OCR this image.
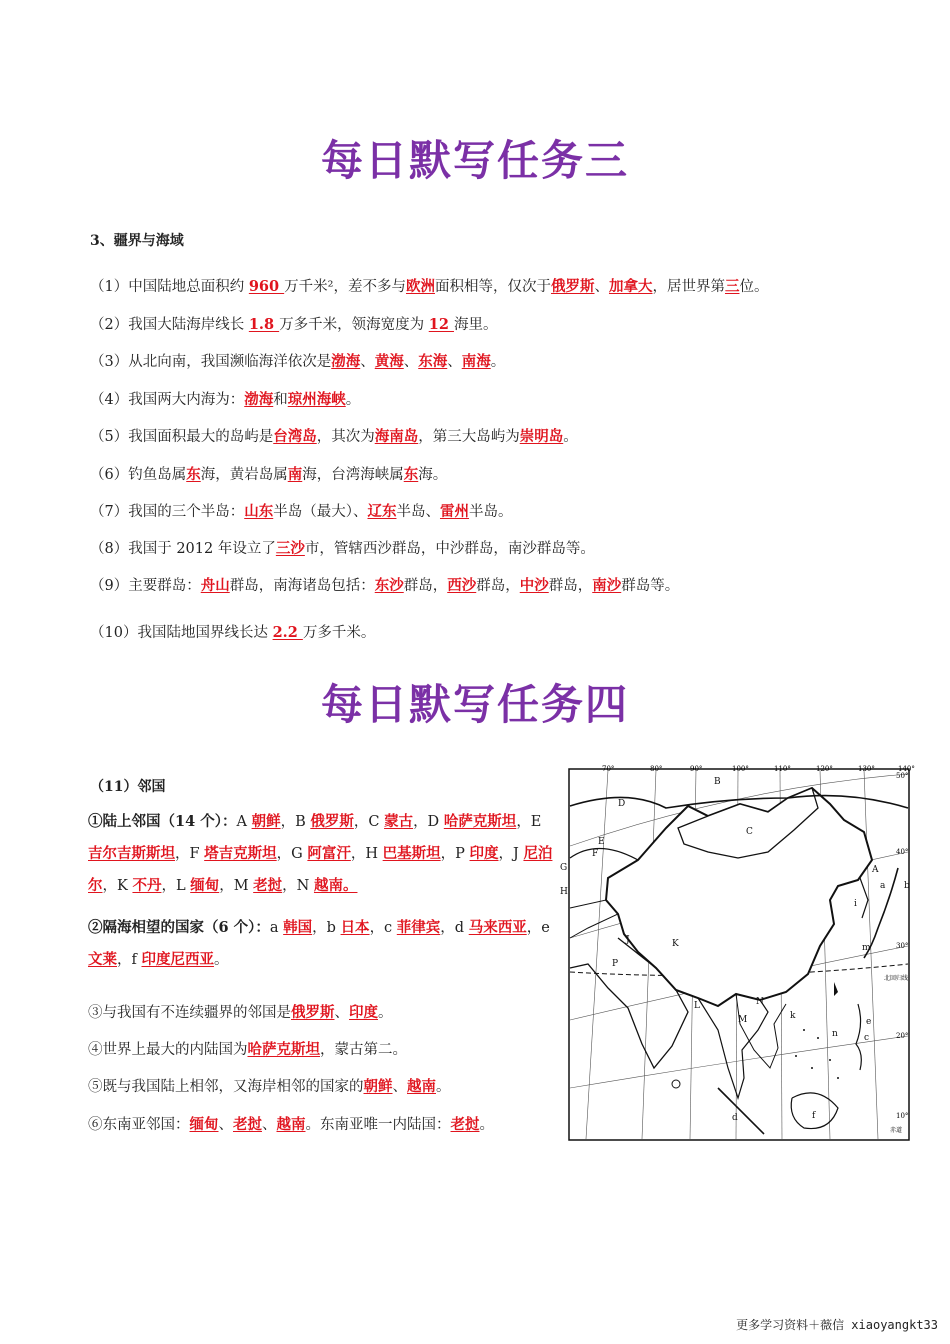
每日默写任务三
3、疆界与海域
（1）中国陆地总面积约 960 万千米²，差不多与欧洲面积相等，仅次于俄罗斯、加拿大，居世界第三位。
（2）我国大陆海岸线长 1.8 万多千米，领海宽度为 12 海里。
（3）从北向南，我国濒临海洋依次是渤海、黄海、东海、南海。
（4）我国两大内海为：渤海和琼州海峡。
（5）我国面积最大的岛屿是台湾岛，其次为海南岛，第三大岛屿为崇明岛。
（6）钓鱼岛属东海，黄岩岛属南海，台湾海峡属东海。
（7）我国的三个半岛：山东半岛（最大）、辽东半岛、雷州半岛。
（8）我国于 2012 年设立了三沙市，管辖西沙群岛，中沙群岛，南沙群岛等。
（9）主要群岛：舟山群岛，南海诸岛包括：东沙群岛，西沙群岛，中沙群岛，南沙群岛等。
（10）我国陆地国界线长达 2.2 万多千米。
每日默写任务四
（11）邻国
①陆上邻国（14 个）：A 朝鲜，B 俄罗斯，C 蒙古，D 哈萨克斯坦，E 吉尔吉斯斯坦，F 塔吉克斯坦，G 阿富汗，H 巴基斯坦，P 印度，J 尼泊尔，K 不丹，L 缅甸，M 老挝，N 越南。
②隔海相望的国家（6 个）：a 韩国，b 日本，c 菲律宾，d 马来西亚，e 文莱，f 印度尼西亚。
③与我国有不连续疆界的邻国是俄罗斯、印度。
④世界上最大的内陆国为哈萨克斯坦，蒙古第二。
⑤既与我国陆上相邻，又海岸相邻的国家的朝鲜、越南。
⑥东南亚邻国：缅甸、老挝、越南。东南亚唯一内陆国：老挝。
70°	80°	90°	100°	110°	120°	130°	140°
50°
40°
30°
20°
10°
北回归线
B
C
D
E
F
G
H
A
a b
i
J	K	m
P
L	N
M	k
n
e
c
d	f
赤道
更多学习资料＋薇信 xiaoyangkt33
